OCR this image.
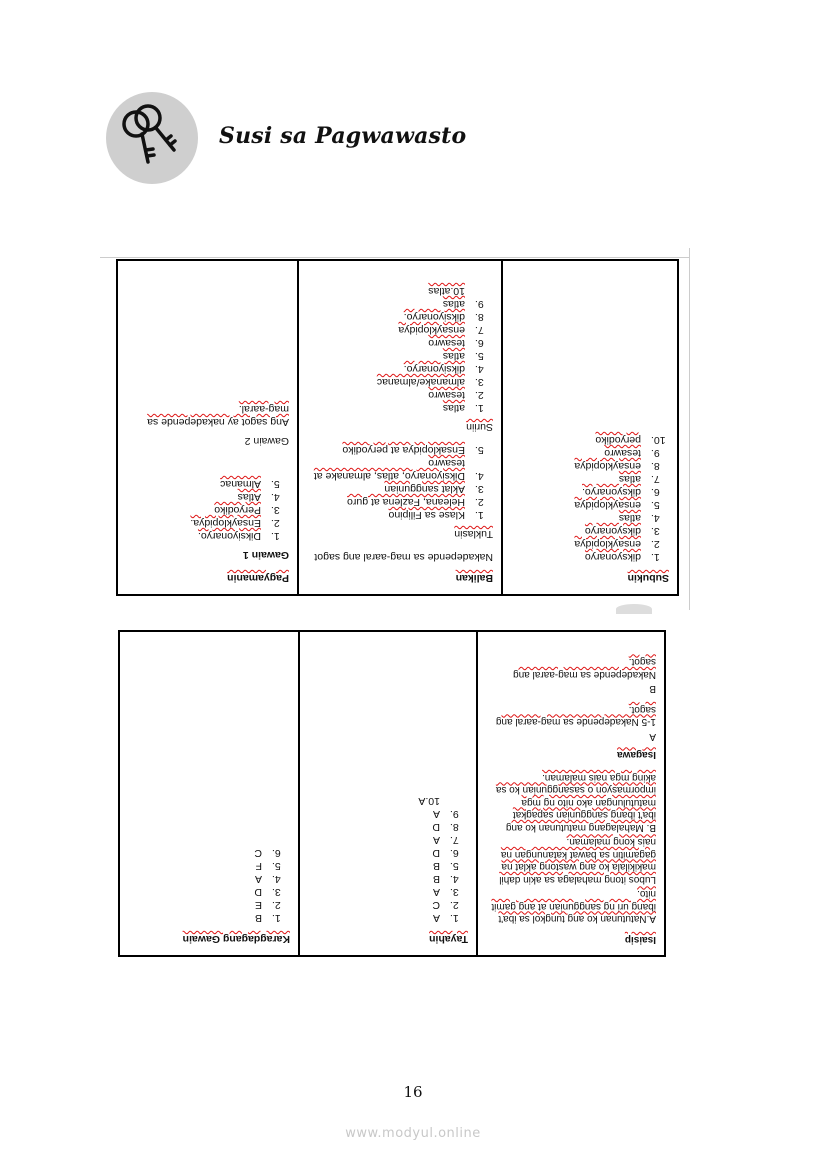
Susi sa Pagwawasto
Subukin
1.
diksyonaryo
2.
ensayklopidya
3.
diksyonaryo
4.
atlas
5.
ensayklopidya
6.
diksyonaryo.
7.
atlas
8.
ensayklopidya
9.
tesawro
10.
peryodiko
Balikan
Nakadepende sa mag-aaral ang sagot
Tuklasin
1.
Klase sa Filipino
2.
Heleana, Fazlena at guro
3.
Aklat sanggunian
4.
Diksiyonaryo, atlas, almanake at tesawro
5.
Ensaklopidya at peryodiko
Suriin
1.
atlas
2.
tesawro
3.
almanake/almanac
4.
diksiyonaryo.
5.
atlas
6.
tesawro
7.
ensayklopidya
8.
diksiyonaryo.
9.
atlas
10.atlas
Pagyamanin
Gawain 1
1.
Diksiyonaryo.
2.
Ensayklopidya.
3.
Peryodiko
4.
Atlas
5.
Almanac
Gawain 2
Ang sagot ay nakadepende sa mag-aaral.
Isaisip
A.Natutunan ko ang tungkol sa iba't ibang uri ng sanggunian at ang gamit nito.
Lubos itong mahalaga sa akin dahil makikilala ko ang wastong aklat na gagamitin sa bawat katanungan na nais kong malaman.
B. Mahalagang matutunan ko ang iba't ibang sanggunian sapagkat matutulungan ako nito ng mga impormasyon o sasanggunian ko sa aking mga nais malaman.
Isagawa
A
1-5 Nakadepende sa mag-aaral ang sagot.
B
Nakadepende sa mag-aaral ang sagot.
Tayahin
1.
A
2.
C
3.
A
4.
B
5.
B
6.
D
7.
A
8.
D
9.
A
10.A
Karagdagang Gawain
1.
B
2.
E
3.
D
4.
A
5.
F
6.
C
16
www.modyul.online
